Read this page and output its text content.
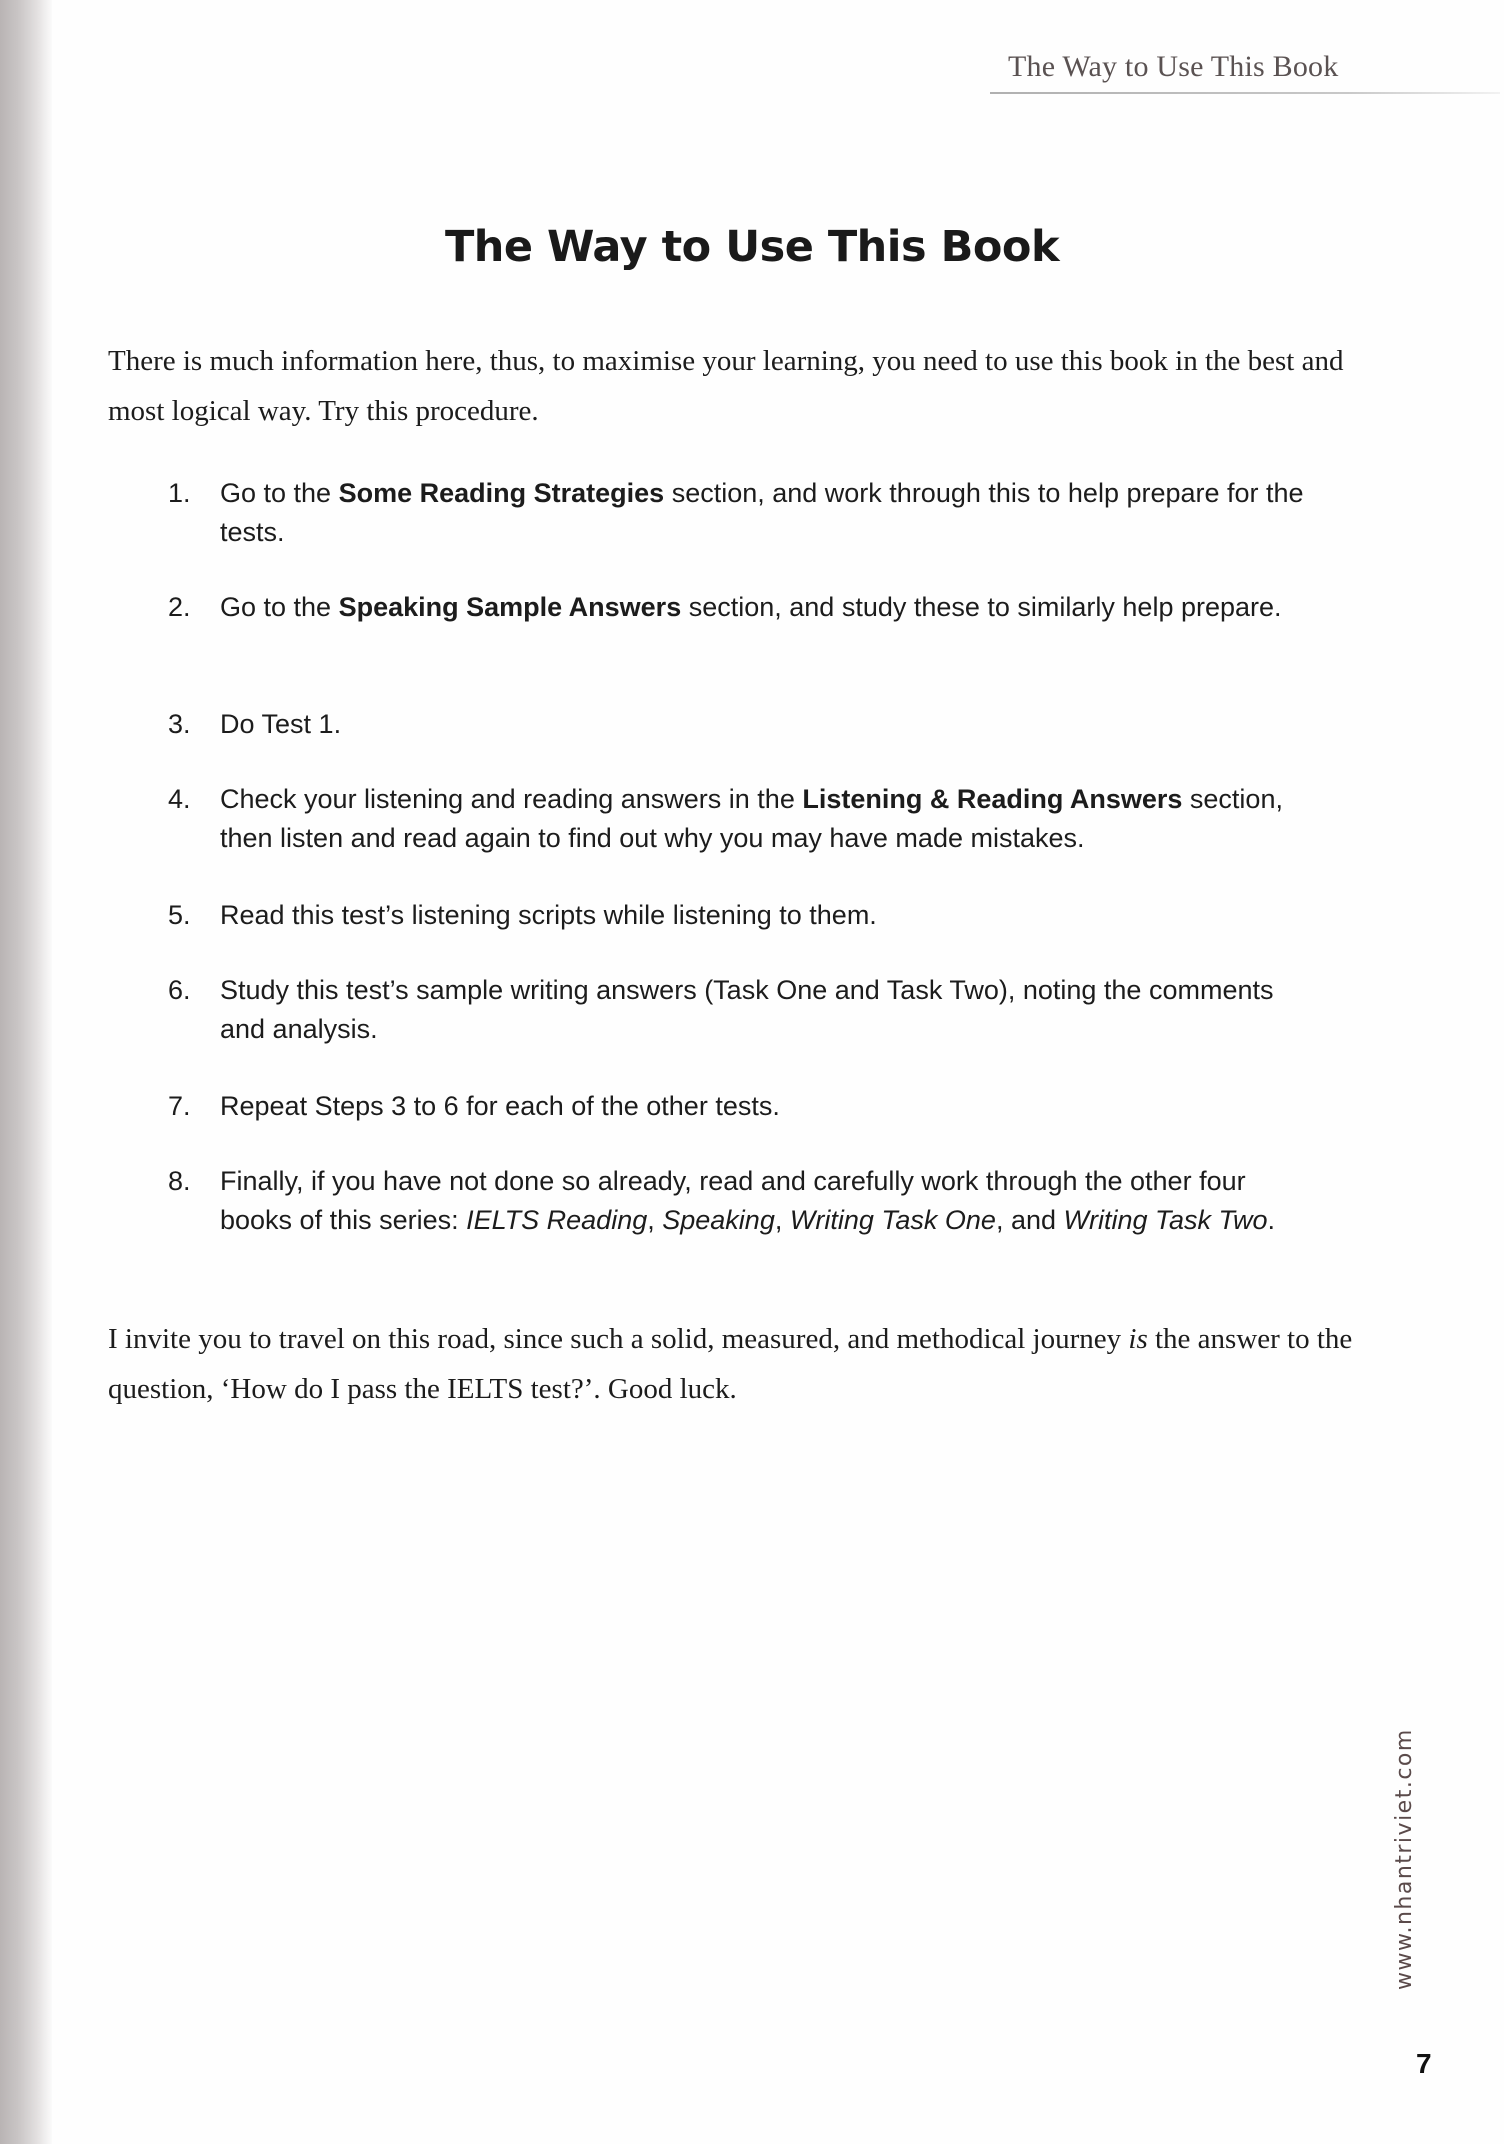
The Way to Use This Book
The Way to Use This Book

There is much information here, thus, to maximise your learning, you need to use this book in the best and most logical way. Try this procedure.

1.	Go to the Some Reading Strategies section, and work through this to help prepare for the tests.
2.	Go to the Speaking Sample Answers section, and study these to similarly help prepare.
3.	Do Test 1.
4.	Check your listening and reading answers in the Listening & Reading Answers section, then listen and read again to find out why you may have made mistakes.
5.	Read this test’s listening scripts while listening to them.
6.	Study this test’s sample writing answers (Task One and Task Two), noting the comments and analysis.
7.	Repeat Steps 3 to 6 for each of the other tests.
8.	Finally, if you have not done so already, read and carefully work through the other four books of this series: IELTS Reading, Speaking, Writing Task One, and Writing Task Two.

I invite you to travel on this road, since such a solid, measured, and methodical journey is the answer to the question, ‘How do I pass the IELTS test?’. Good luck.

www.nhantriviet.com
7
